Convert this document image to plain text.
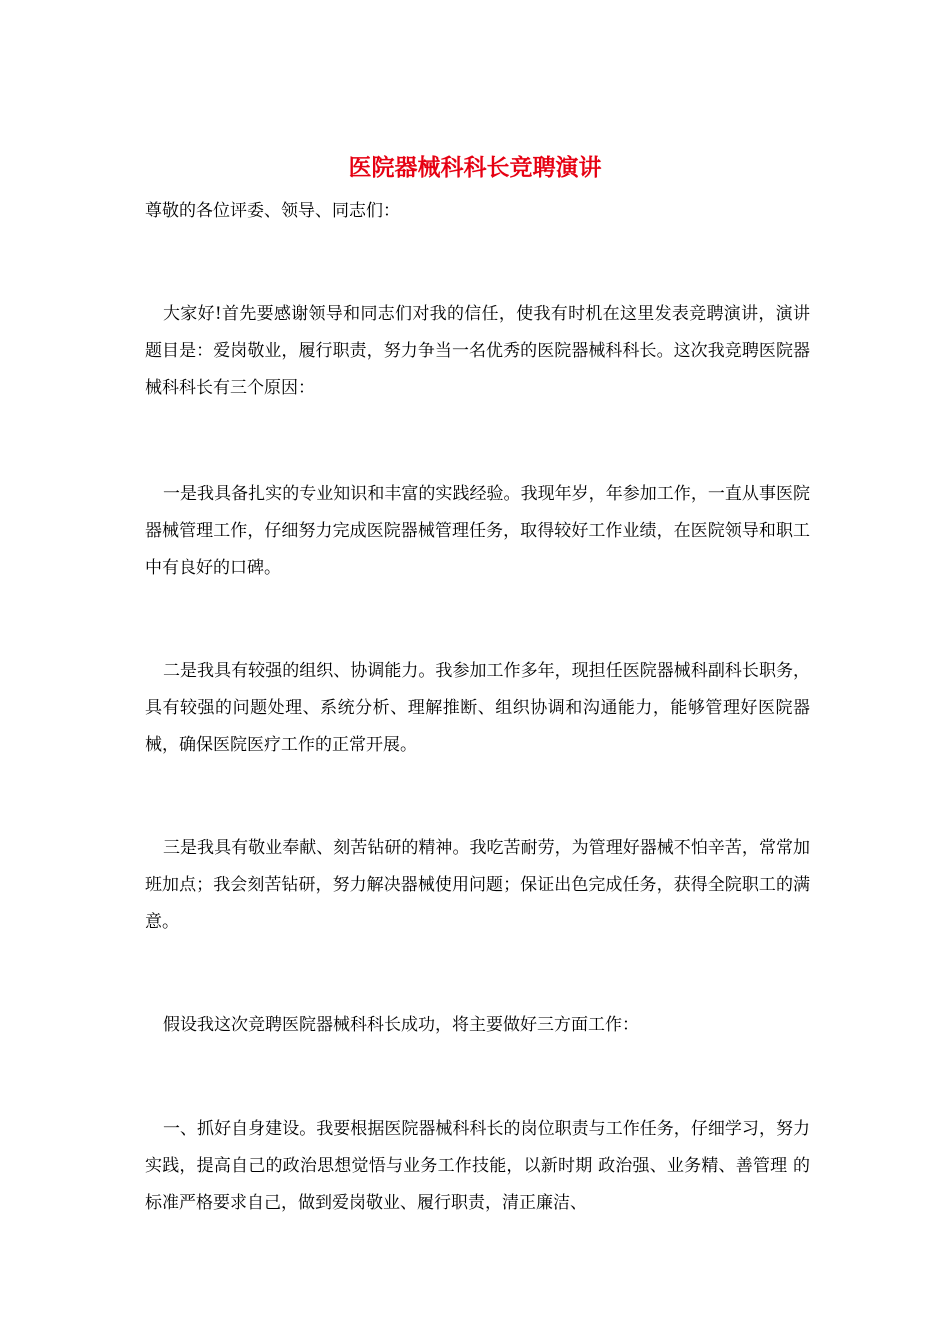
医院器械科科长竞聘演讲

尊敬的各位评委、领导、同志们：

大家好!首先要感谢领导和同志们对我的信任，使我有时机在这里发表竞聘演讲，演讲题目是：爱岗敬业，履行职责，努力争当一名优秀的医院器械科科长。这次我竞聘医院器械科科长有三个原因：

一是我具备扎实的专业知识和丰富的实践经验。我现年岁，年参加工作，一直从事医院器械管理工作，仔细努力完成医院器械管理任务，取得较好工作业绩，在医院领导和职工中有良好的口碑。

二是我具有较强的组织、协调能力。我参加工作多年，现担任医院器械科副科长职务，具有较强的问题处理、系统分析、理解推断、组织协调和沟通能力，能够管理好医院器械，确保医院医疗工作的正常开展。

三是我具有敬业奉献、刻苦钻研的精神。我吃苦耐劳，为管理好器械不怕辛苦，常常加班加点；我会刻苦钻研，努力解决器械使用问题；保证出色完成任务，获得全院职工的满意。

假设我这次竞聘医院器械科科长成功，将主要做好三方面工作：

一、抓好自身建设。我要根据医院器械科科长的岗位职责与工作任务，仔细学习，努力实践，提高自己的政治思想觉悟与业务工作技能，以新时期 政治强、业务精、善管理 的标准严格要求自己，做到爱岗敬业、履行职责，清正廉洁、
